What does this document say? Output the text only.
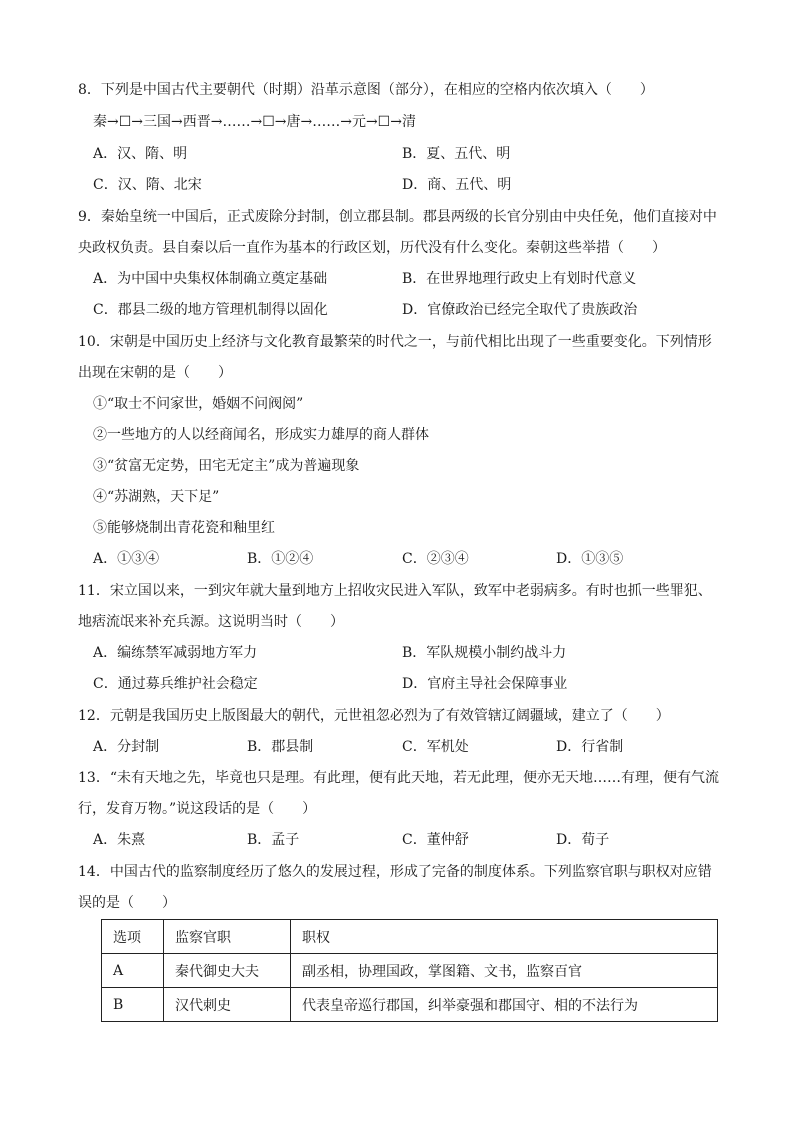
8．下列是中国古代主要朝代（时期）沿革示意图（部分），在相应的空格内依次填入（　　）
秦→☐→三国→西晋→……→☐→唐→……→元→☐→清
A．汉、隋、明	B．夏、五代、明
C．汉、隋、北宋	D．商、五代、明
9．秦始皇统一中国后，正式废除分封制，创立郡县制。郡县两级的长官分别由中央任免，他们直接对中
央政权负责。县自秦以后一直作为基本的行政区划，历代没有什么变化。秦朝这些举措（　　）
A．为中国中央集权体制确立奠定基础	B．在世界地理行政史上有划时代意义
C．郡县二级的地方管理机制得以固化	D．官僚政治已经完全取代了贵族政治
10．宋朝是中国历史上经济与文化教育最繁荣的时代之一，与前代相比出现了一些重要变化。下列情形
出现在宋朝的是（　　）
①“取士不问家世，婚姻不问阀阅”
②一些地方的人以经商闻名，形成实力雄厚的商人群体
③“贫富无定势，田宅无定主”成为普遍现象
④“苏湖熟，天下足”
⑤能够烧制出青花瓷和釉里红
A．①③④	B．①②④	C．②③④	D．①③⑤
11．宋立国以来，一到灾年就大量到地方上招收灾民进入军队，致军中老弱病多。有时也抓一些罪犯、
地痞流氓来补充兵源。这说明当时（　　）
A．编练禁军减弱地方军力	B．军队规模小制约战斗力
C．通过募兵维护社会稳定	D．官府主导社会保障事业
12．元朝是我国历史上版图最大的朝代，元世祖忽必烈为了有效管辖辽阔疆域，建立了（　　）
A．分封制	B．郡县制	C．军机处	D．行省制
13．“未有天地之先，毕竟也只是理。有此理，便有此天地，若无此理，便亦无天地……有理，便有气流
行，发育万物。”说这段话的是（　　）
A．朱熹	B．孟子	C．董仲舒	D．荀子
14．中国古代的监察制度经历了悠久的发展过程，形成了完备的制度体系。下列监察官职与职权对应错
误的是（　　）
选项	监察官职	职权
A	秦代御史大夫	副丞相，协理国政，掌图籍、文书，监察百官
B	汉代刺史	代表皇帝巡行郡国，纠举豪强和郡国守、相的不法行为
